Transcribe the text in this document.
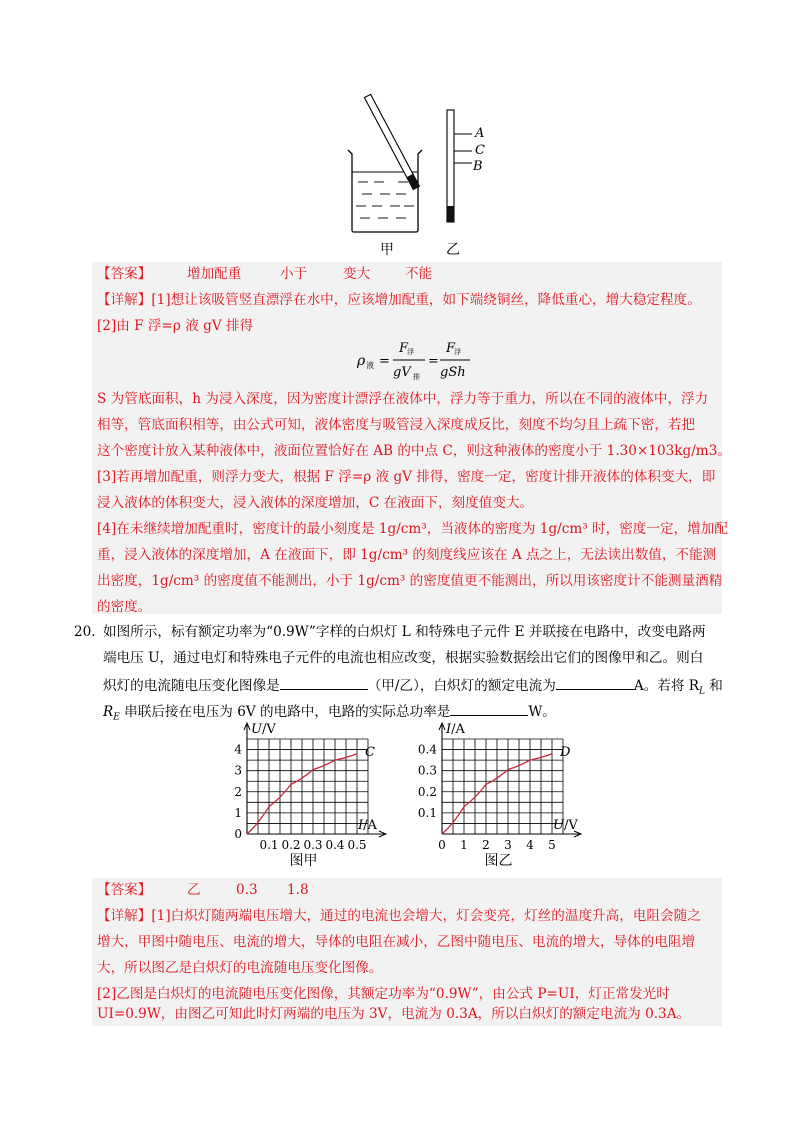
A
C
B
甲	乙
【答案】	增加配重	小于	变大	不能
【详解】[1]想让该吸管竖直漂浮在水中，应该增加配重，如下端绕铜丝，降低重心，增大稳定程度。
[2]由 F 浮=ρ 液 gV 排得
ρ 液 =
F
浮
gV 排
=
F
浮
gSh
S 为管底面积，h 为浸入深度，因为密度计漂浮在液体中，浮力等于重力，所以在不同的液体中，浮力
相等，管底面积相等，由公式可知，液体密度与吸管浸入深度成反比，刻度不均匀且上疏下密，若把
这个密度计放入某种液体中，液面位置恰好在 AB 的中点 C，则这种液体的密度小于 1.30×103kg/m3。
[3]若再增加配重，则浮力变大，根据 F 浮=ρ 液 gV 排得，密度一定，密度计排开液体的体积变大，即
浸入液体的体积变大，浸入液体的深度增加，C 在液面下，刻度值变大。
[4]在未继续增加配重时，密度计的最小刻度是 1g/cm³，当液体的密度为 1g/cm³ 时，密度一定，增加配
重，浸入液体的深度增加，A 在液面下，即 1g/cm³ 的刻度线应该在 A 点之上，无法读出数值，不能测
出密度，1g/cm³ 的密度值不能测出，小于 1g/cm³ 的密度值更不能测出，所以用该密度计不能测量酒精
的密度。
20. 如图所示，标有额定功率为“0.9W”字样的白炽灯 L 和特殊电子元件 E 并联接在电路中，改变电路两
端电压 U，通过电灯和特殊电子元件的电流也相应改变，根据实验数据绘出它们的图像甲和乙。则白
炽灯的电流随电压变化图像是	（甲/乙），白炽灯的额定电流为	A。若将 $R_L$ 和
$R_E$ 串联后接在电压为 6V 的电路中，电路的实际总功率是	W。
1
2
3
4
0.1 0.2 0.3 0.4 0.5
0
U/V
I/A
C
图甲
0.1
0.2
0.3
0.4
0 1 2 3 4 5
I/A
U/V
D
图乙
【答案】	乙	0.3 1.8
【详解】[1]白炽灯随两端电压增大，通过的电流也会增大，灯会变亮，灯丝的温度升高，电阻会随之
增大，甲图中随电压、电流的增大，导体的电阻在减小，乙图中随电压、电流的增大，导体的电阻增
大，所以图乙是白炽灯的电流随电压变化图像。
[2]乙图是白炽灯的电流随电压变化图像，其额定功率为“0.9W”，由公式 P=UI，灯正常发光时
UI=0.9W，由图乙可知此时灯两端的电压为 3V，电流为 0.3A，所以白炽灯的额定电流为 0.3A。
